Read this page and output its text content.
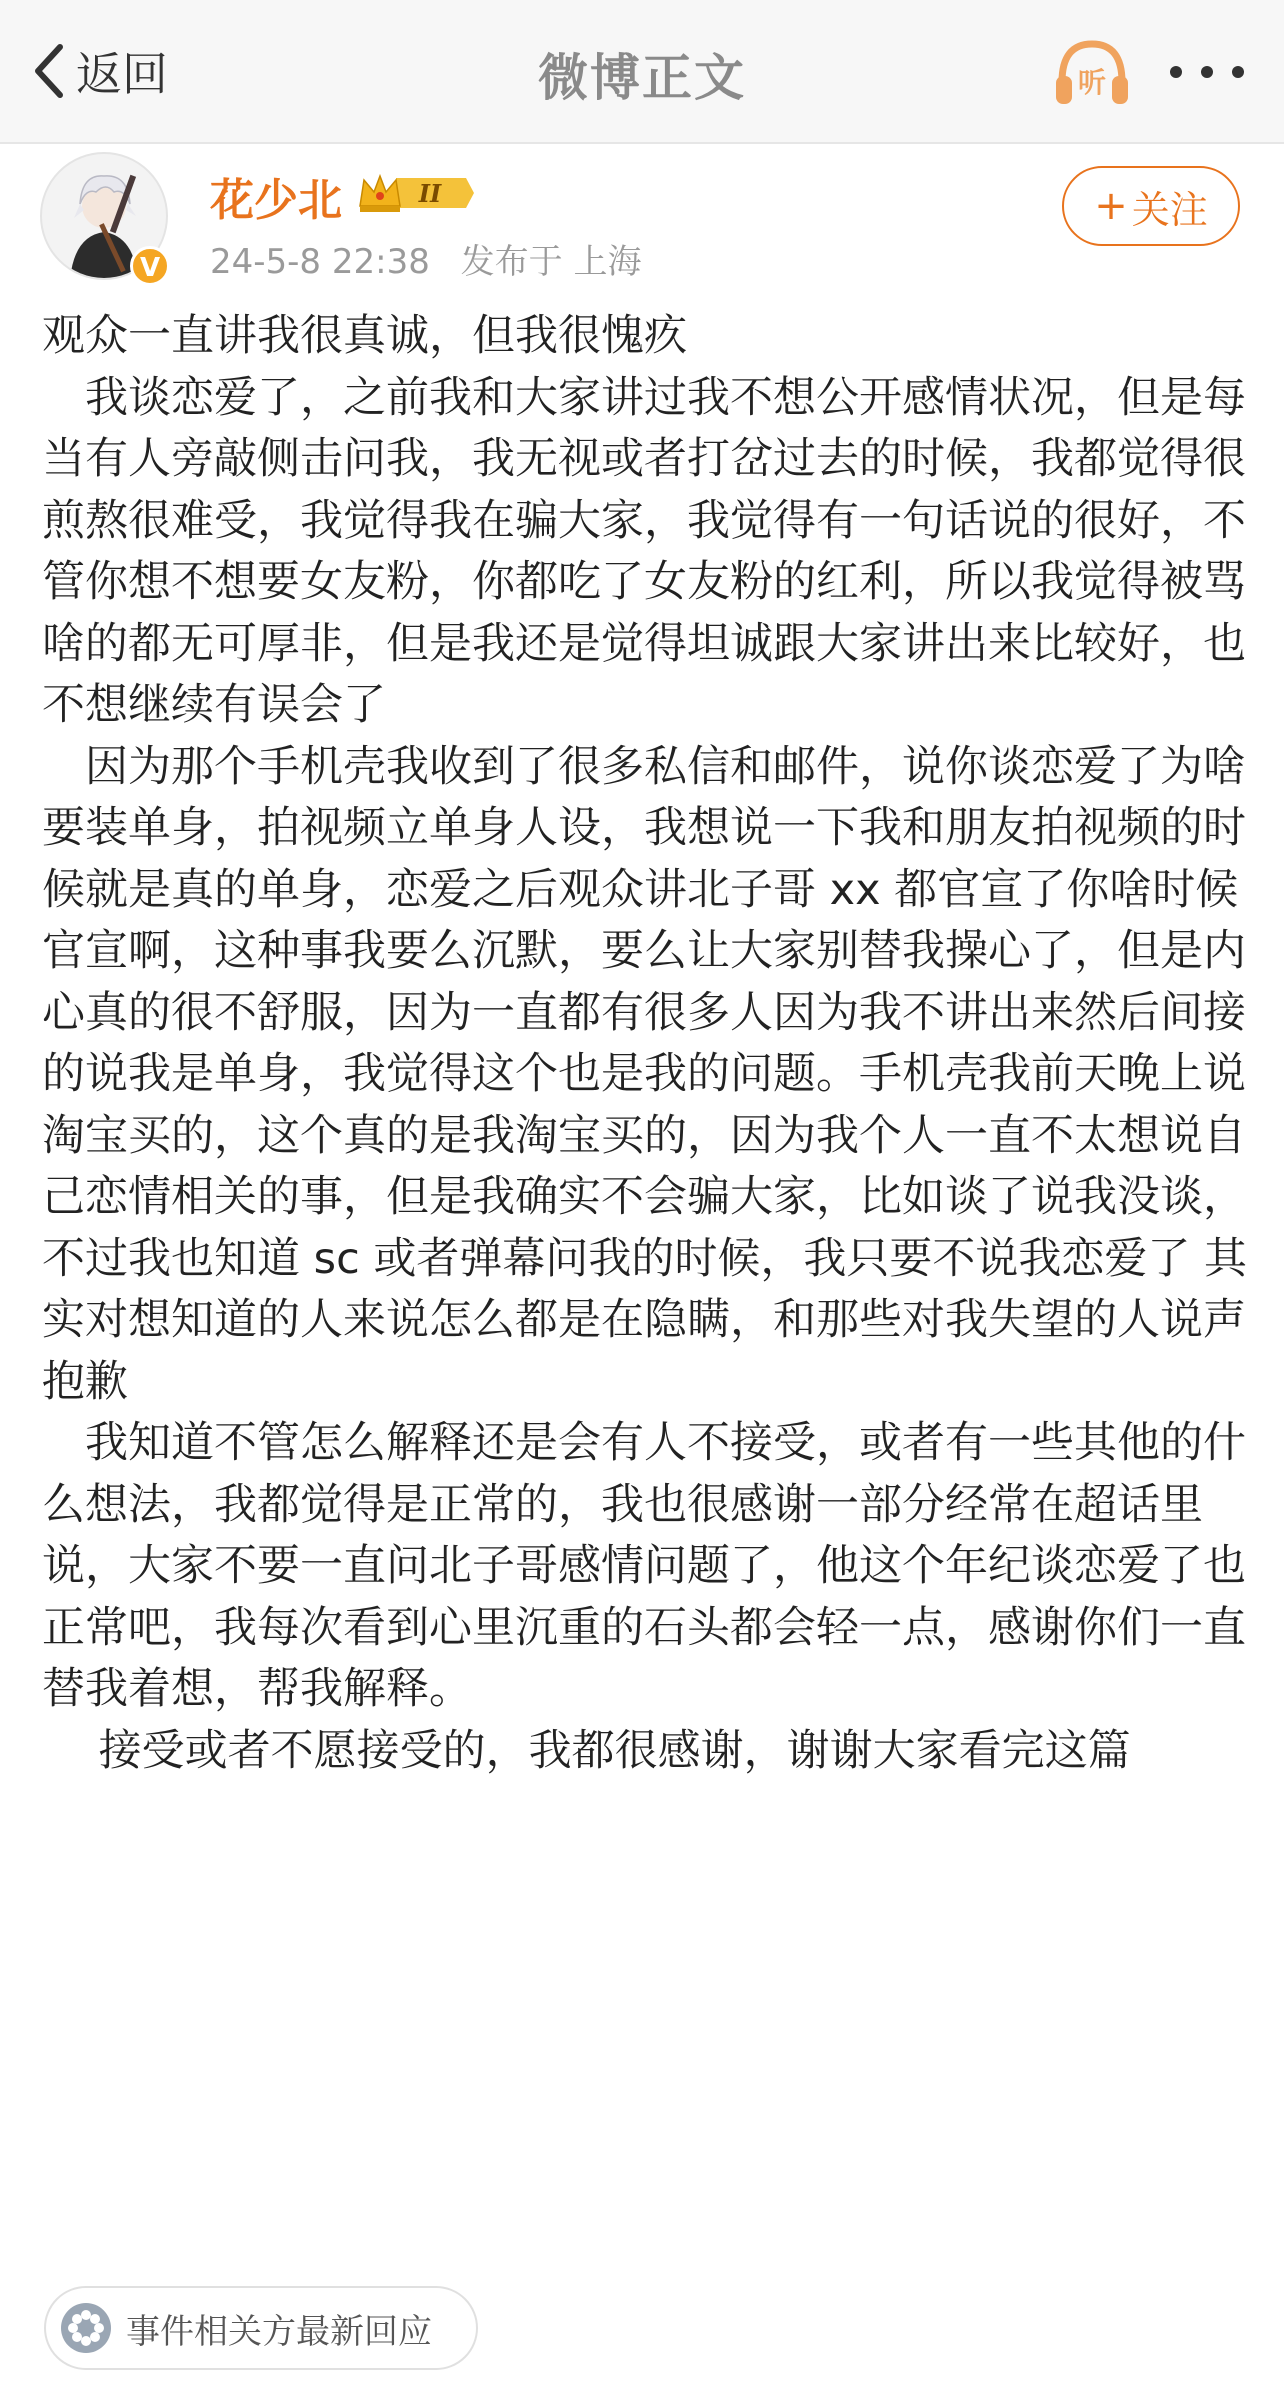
返回	微博正文	听
V
花少北	II
24-5-8 22:38 发布于 上海
+ 关注

观众一直讲我很真诚，但我很愧疚

　我谈恋爱了，之前我和大家讲过我不想公开感情状况，但是每当有人旁敲侧击问我，我无视或者打岔过去的时候，我都觉得很煎熬很难受，我觉得我在骗大家，我觉得有一句话说的很好，不管你想不想要女友粉，你都吃了女友粉的红利，所以我觉得被骂啥的都无可厚非，但是我还是觉得坦诚跟大家讲出来比较好，也不想继续有误会了

　因为那个手机壳我收到了很多私信和邮件，说你谈恋爱了为啥要装单身，拍视频立单身人设，我想说一下我和朋友拍视频的时候就是真的单身，恋爱之后观众讲北子哥 xx 都官宣了你啥时候官宣啊，这种事我要么沉默，要么让大家别替我操心了，但是内心真的很不舒服，因为一直都有很多人因为我不讲出来然后间接的说我是单身，我觉得这个也是我的问题。手机壳我前天晚上说淘宝买的，这个真的是我淘宝买的，因为我个人一直不太想说自己恋情相关的事，但是我确实不会骗大家，比如谈了说我没谈，不过我也知道 sc 或者弹幕问我的时候，我只要不说我恋爱了 其实对想知道的人来说怎么都是在隐瞒，和那些对我失望的人说声抱歉

　我知道不管怎么解释还是会有人不接受，或者有一些其他的什么想法，我都觉得是正常的，我也很感谢一部分经常在超话里说，大家不要一直问北子哥感情问题了，他这个年纪谈恋爱了也正常吧，我每次看到心里沉重的石头都会轻一点，感谢你们一直替我着想，帮我解释。

　 接受或者不愿接受的，我都很感谢，谢谢大家看完这篇

事件相关方最新回应
